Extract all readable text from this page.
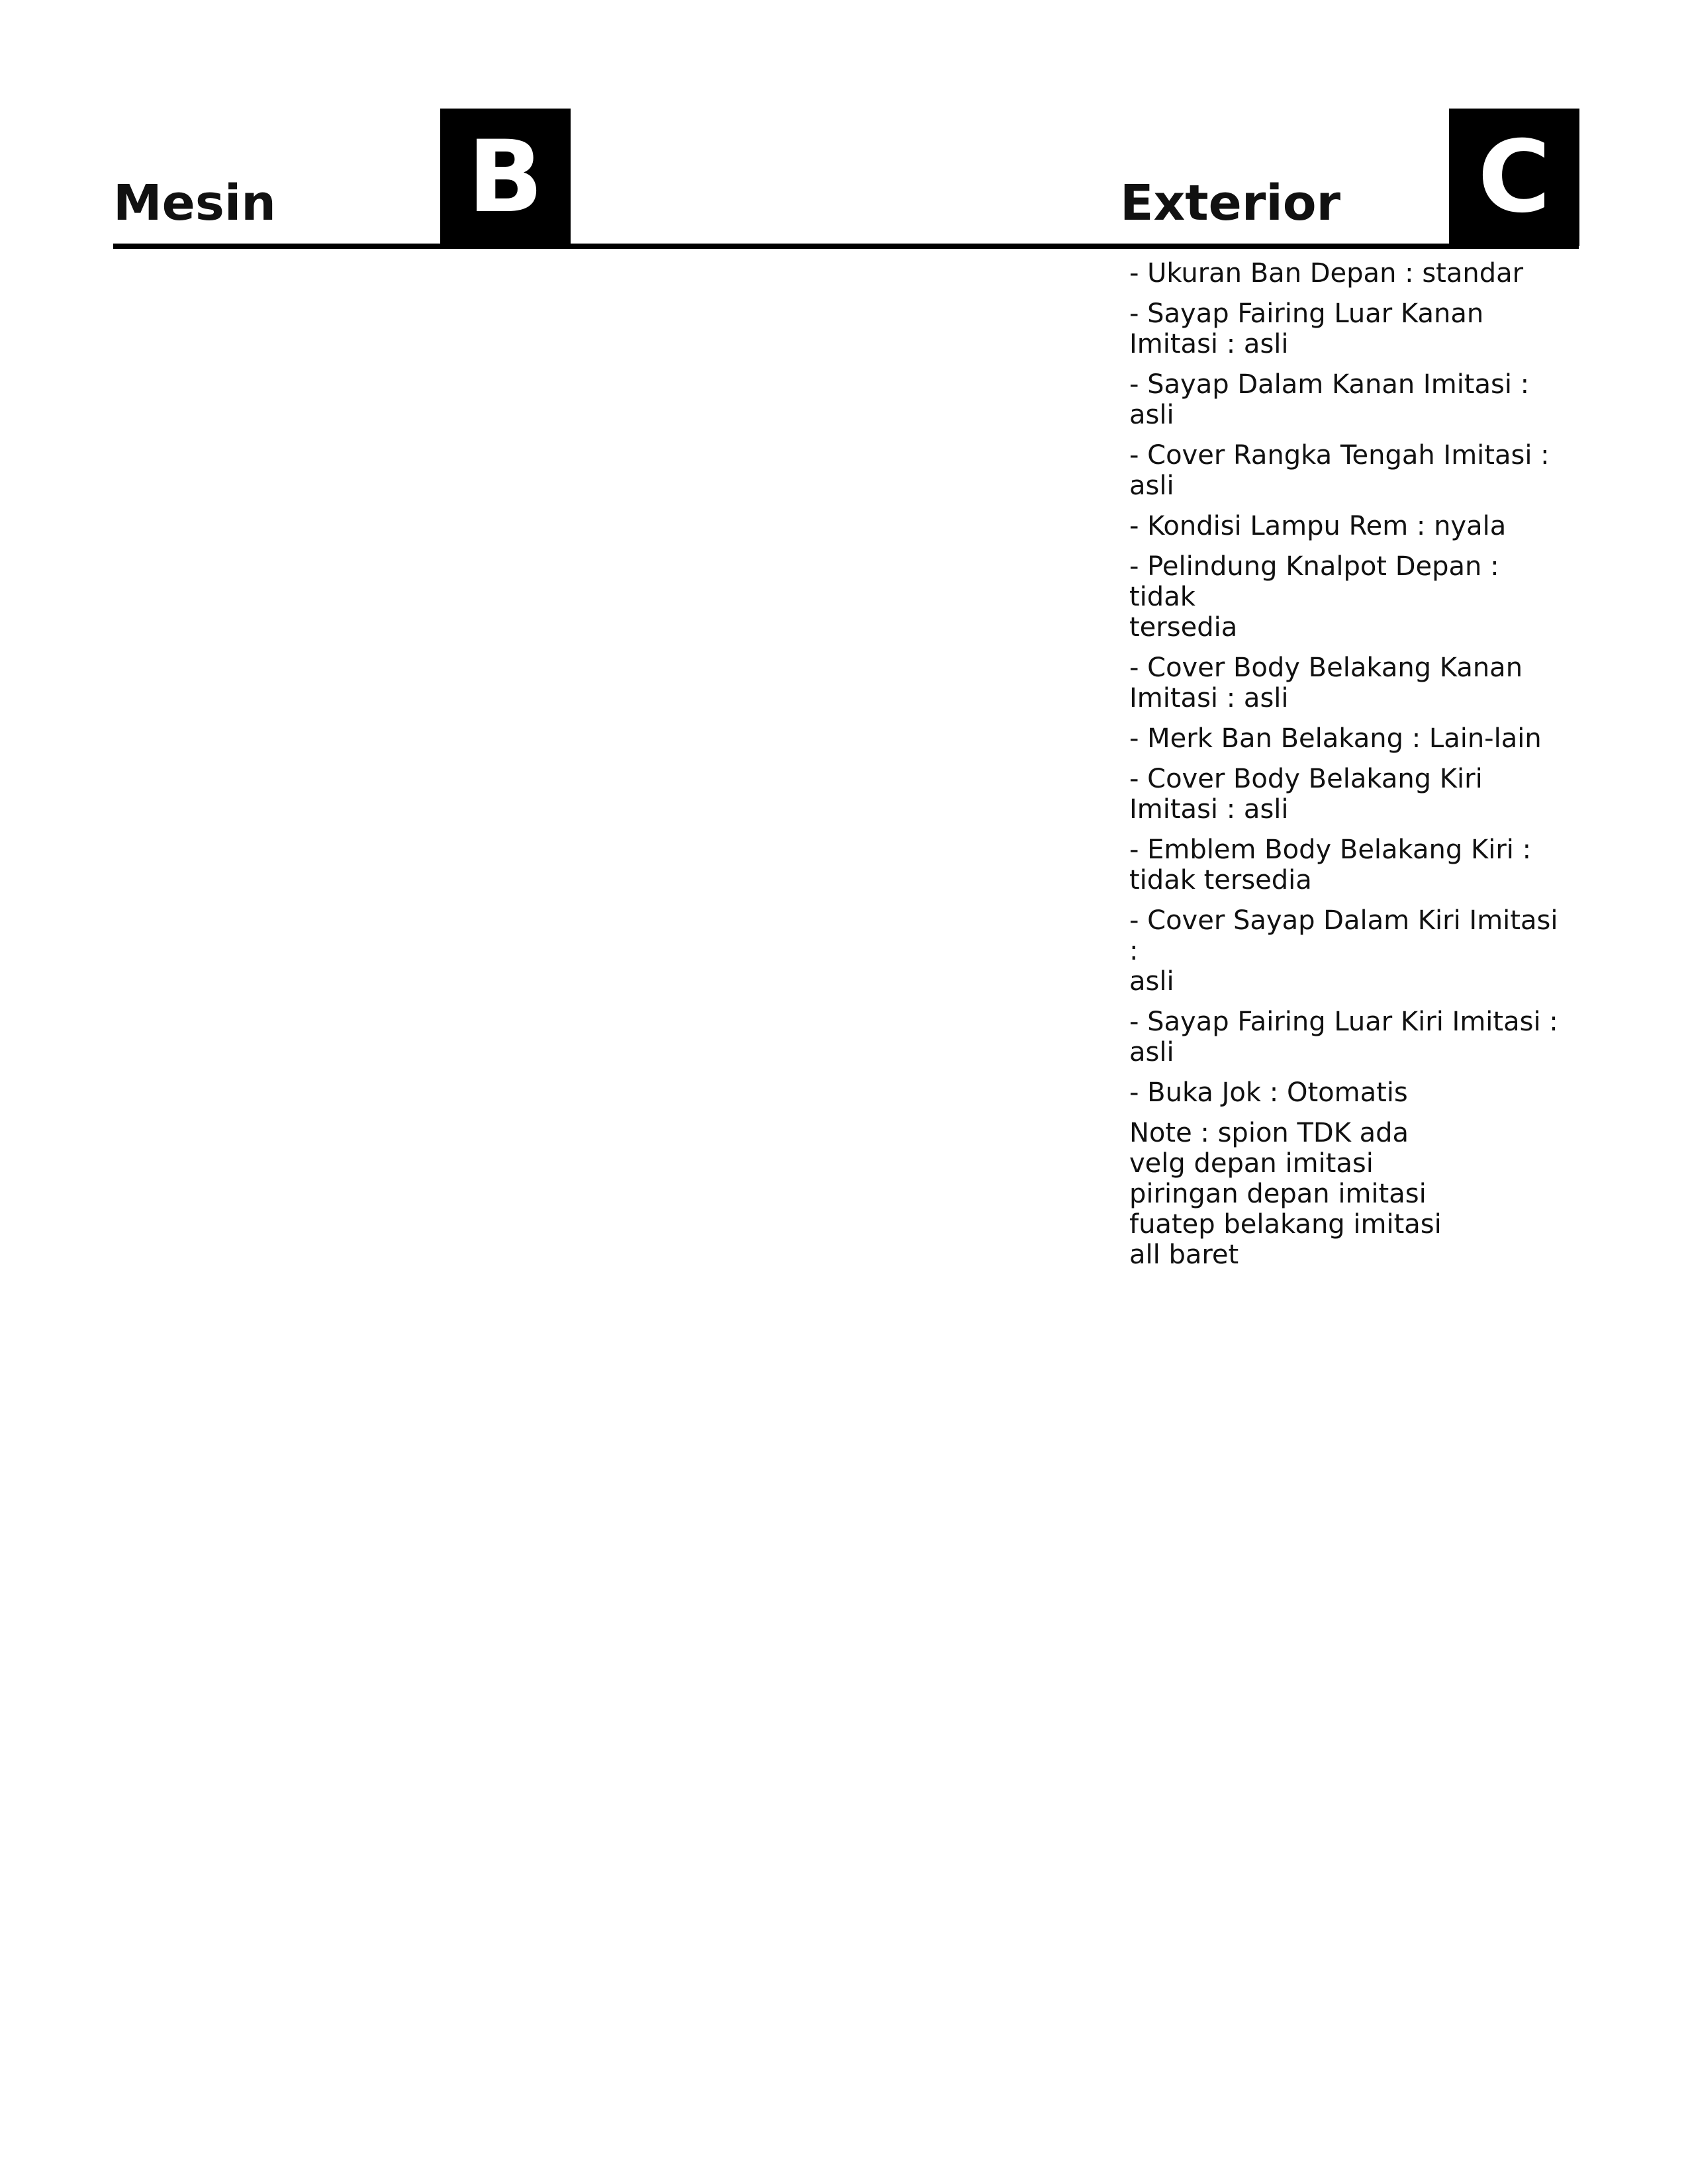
Mesin B	Exterior C
- Ukuran Ban Depan : standar
- Sayap Fairing Luar Kanan
Imitasi : asli
- Sayap Dalam Kanan Imitasi : asli
- Cover Rangka Tengah Imitasi :
asli
- Kondisi Lampu Rem : nyala
- Pelindung Knalpot Depan : tidak
tersedia
- Cover Body Belakang Kanan
Imitasi : asli
- Merk Ban Belakang : Lain-lain
- Cover Body Belakang Kiri
Imitasi : asli
- Emblem Body Belakang Kiri :
tidak tersedia
- Cover Sayap Dalam Kiri Imitasi :
asli
- Sayap Fairing Luar Kiri Imitasi :
asli
- Buka Jok : Otomatis
Note : spion TDK ada
velg depan imitasi
piringan depan imitasi
fuatep belakang imitasi
all baret
